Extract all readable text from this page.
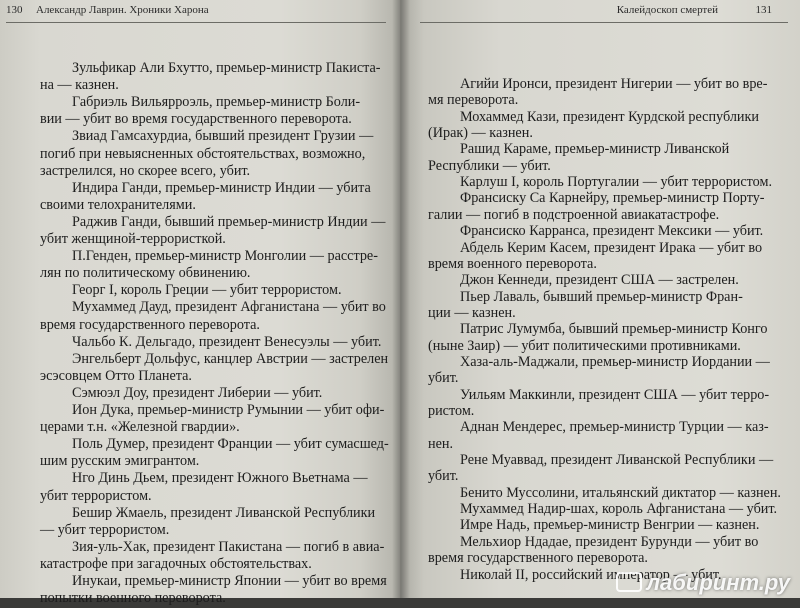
130 Александр Лаврин. Хроники Харона
Зульфикар Али Бхутто, премьер-министр Пакиста-
на — казнен.
Габриэль Вильярроэль, премьер-министр Боли-
вии — убит во время государственного переворота.
Звиад Гамсахурдиа, бывший президент Грузии —
погиб при невыясненных обстоятельствах, возможно,
застрелился, но скорее всего, убит.
Индира Ганди, премьер-министр Индии — убита
своими телохранителями.
Раджив Ганди, бывший премьер-министр Индии —
убит женщиной-террористкой.
П.Генден, премьер-министр Монголии — расстре-
лян по политическому обвинению.
Георг I, король Греции — убит террористом.
Мухаммед Дауд, президент Афганистана — убит во
время государственного переворота.
Чальбо К. Дельгадо, президент Венесуэлы — убит.
Энгельберт Дольфус, канцлер Австрии — застрелен
эсэсовцем Отто Планета.
Сэмюэл Доу, президент Либерии — убит.
Ион Дука, премьер-министр Румынии — убит офи-
церами т.н. «Железной гвардии».
Поль Думер, президент Франции — убит сумасшед-
шим русским эмигрантом.
Нго Динь Дьем, президент Южного Вьетнама —
убит террористом.
Бешир Жмаель, президент Ливанской Республики
— убит террористом.
Зия-уль-Хак, президент Пакистана — погиб в авиа-
катастрофе при загадочных обстоятельствах.
Инукаи, премьер-министр Японии — убит во время
попытки военного переворота.
Калейдоскоп смертей	131
Агийи Иронси, президент Нигерии — убит во вре-
мя переворота.
Мохаммед Кази, президент Курдской республики
(Ирак) — казнен.
Рашид Караме, премьер-министр Ливанской
Республики — убит.
Карлуш I, король Португалии — убит террористом.
Франсиску Са Карнейру, премьер-министр Порту-
галии — погиб в подстроенной авиакатастрофе.
Франсиско Карранса, президент Мексики — убит.
Абдель Керим Касем, президент Ирака — убит во
время военного переворота.
Джон Кеннеди, президент США — застрелен.
Пьер Лаваль, бывший премьер-министр Фран-
ции — казнен.
Патрис Лумумба, бывший премьер-министр Конго
(ныне Заир) — убит политическими противниками.
Хаза-аль-Маджали, премьер-министр Иордании —
убит.
Уильям Маккинли, президент США — убит терро-
ристом.
Аднан Мендерес, премьер-министр Турции — каз-
нен.
Рене Муаввад, президент Ливанской Республики —
убит.
Бенито Муссолини, итальянский диктатор — казнен.
Мухаммед Надир-шах, король Афганистана — убит.
Имре Надь, премьер-министр Венгрии — казнен.
Мельхиор Ндадае, президент Бурунди — убит во
время государственного переворота.
Николай II, российский император — убит.
лабиринт.ру
